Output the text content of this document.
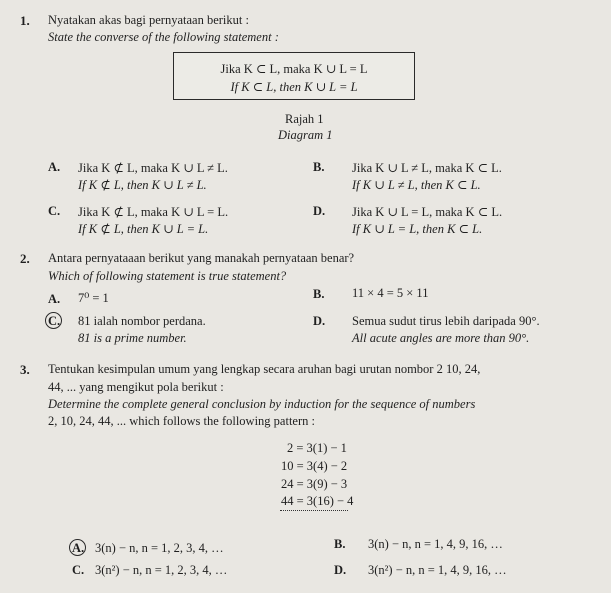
1. Nyatakan akas bagi pernyataan berikut :
State the converse of the following statement :
Jika K ⊂ L, maka K ∪ L = L
If K ⊂ L, then K ∪ L = L
Rajah 1
Diagram 1
A. Jika K ⊄ L, maka K ∪ L ≠ L.
If K ⊄ L, then K ∪ L ≠ L.
B. Jika K ∪ L ≠ L, maka K ⊂ L.
If K ∪ L ≠ L, then K ⊂ L.
C. Jika K ⊄ L, maka K ∪ L = L.
If K ⊄ L, then K ∪ L = L.
D. Jika K ∪ L = L, maka K ⊂ L.
If K ∪ L = L, then K ⊂ L.
2. Antara pernyataaan berikut yang manakah pernyataan benar?
Which of following statement is true statement?
A. 7⁰ = 1	B. 11 × 4 = 5 × 11
C. 81 ialah nombor perdana.
81 is a prime number.
D. Semua sudut tirus lebih daripada 90°.
All acute angles are more than 90°.
3. Tentukan kesimpulan umum yang lengkap secara aruhan bagi urutan nombor 2 10, 24,
44, ... yang mengikut pola berikut :
Determine the complete general conclusion by induction for the sequence of numbers
2, 10, 24, 44, ... which follows the following pattern :
2 = 3(1) − 1
10 = 3(4) − 2
24 = 3(9) − 3
44 = 3(16) − 4
A. 3(n) − n, n = 1, 2, 3, 4, …	B. 3(n) − n, n = 1, 4, 9, 16, …
C. 3(n²) − n, n = 1, 2, 3, 4, …	D. 3(n²) − n, n = 1, 4, 9, 16, …
